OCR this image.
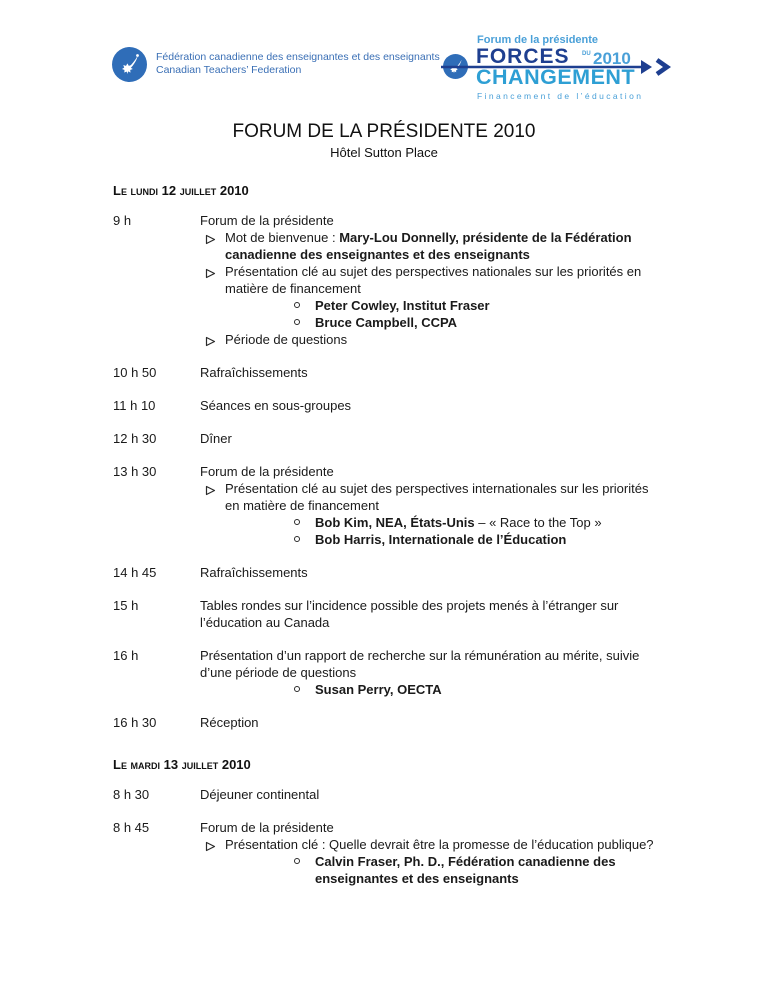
Fédération canadienne des enseignantes et des enseignants
Canadian Teachers’ Federation
Forum de la présidente
FORCES DU 2010
CHANGEMENT
Financement de l’éducation
FORUM DE LA PRÉSIDENTE 2010
Hôtel Sutton Place
Le lundi 12 juillet 2010
9 h	Forum de la présidente
Mot de bienvenue : Mary-Lou Donnelly, présidente de la Fédération canadienne des enseignantes et des enseignants
Présentation clé au sujet des perspectives nationales sur les priorités en matière de financement
Peter Cowley, Institut Fraser
Bruce Campbell, CCPA
Période de questions
10 h 50	Rafraîchissements
11 h 10	Séances en sous-groupes
12 h 30	Dîner
13 h 30	Forum de la présidente
Présentation clé au sujet des perspectives internationales sur les priorités en matière de financement
Bob Kim, NEA, États-Unis – « Race to the Top »
Bob Harris, Internationale de l’Éducation
14 h 45	Rafraîchissements
15 h	Tables rondes sur l’incidence possible des projets menés à l’étranger sur l’éducation au Canada
16 h	Présentation d’un rapport de recherche sur la rémunération au mérite, suivie d’une période de questions
Susan Perry, OECTA
16 h 30	Réception
Le mardi 13 juillet 2010
8 h 30	Déjeuner continental
8 h 45	Forum de la présidente
Présentation clé : Quelle devrait être la promesse de l’éducation publique?
Calvin Fraser, Ph. D., Fédération canadienne des enseignantes et des enseignants
